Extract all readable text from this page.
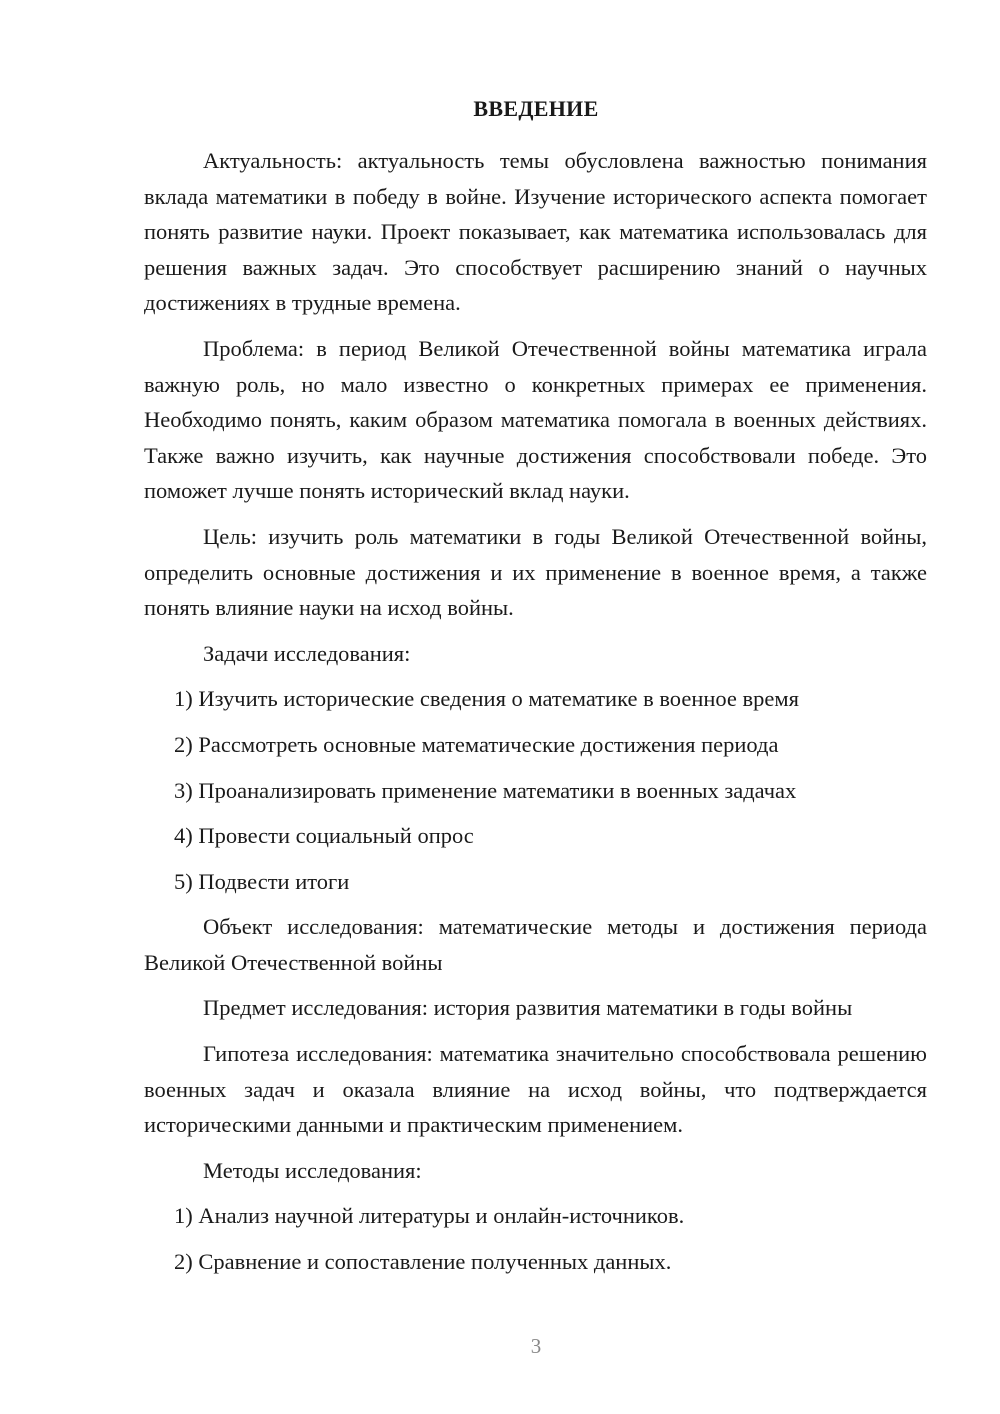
ВВЕДЕНИЕ

Актуальность: актуальность темы обусловлена важностью понимания вклада математики в победу в войне. Изучение исторического аспекта помогает понять развитие науки. Проект показывает, как математика использовалась для решения важных задач. Это способствует расширению знаний о научных достижениях в трудные времена.

Проблема: в период Великой Отечественной войны математика играла важную роль, но мало известно о конкретных примерах ее применения. Необходимо понять, каким образом математика помогала в военных действиях. Также важно изучить, как научные достижения способствовали победе. Это поможет лучше понять исторический вклад науки.

Цель: изучить роль математики в годы Великой Отечественной войны, определить основные достижения и их применение в военное время, а также понять влияние науки на исход войны.

Задачи исследования:

1) Изучить исторические сведения о математике в военное время

2) Рассмотреть основные математические достижения периода

3) Проанализировать применение математики в военных задачах

4) Провести социальный опрос

5) Подвести итоги

Объект исследования: математические методы и достижения периода Великой Отечественной войны

Предмет исследования: история развития математики в годы войны

Гипотеза исследования: математика значительно способствовала решению военных задач и оказала влияние на исход войны, что подтверждается историческими данными и практическим применением.

Методы исследования:

1) Анализ научной литературы и онлайн-источников.

2) Сравнение и сопоставление полученных данных.

3
